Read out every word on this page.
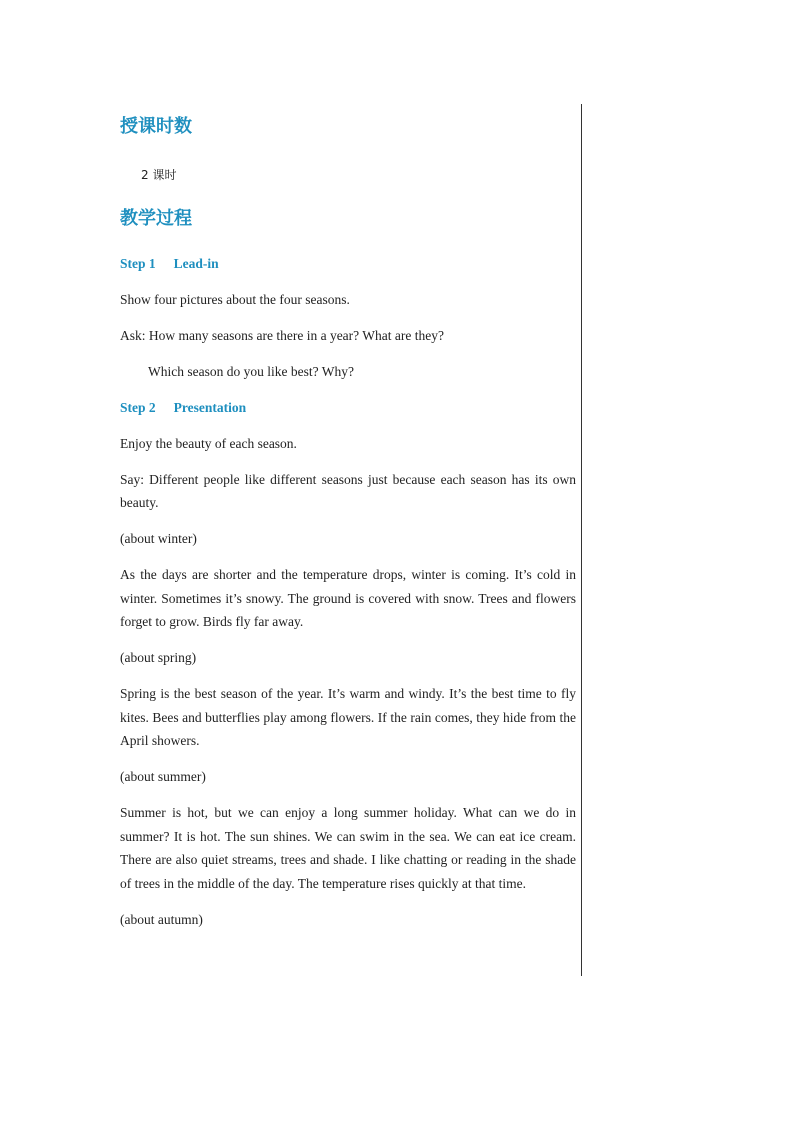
授课时数
2 课时
教学过程
Step 1 Lead-in

Show four pictures about the four seasons.

Ask: How many seasons are there in a year? What are they?

Which season do you like best? Why?

Step 2 Presentation

Enjoy the beauty of each season.

Say: Different people like different seasons just because each season has its own beauty.

(about winter)

As the days are shorter and the temperature drops, winter is coming. It’s cold in winter. Sometimes it’s snowy. The ground is covered with snow. Trees and flowers forget to grow. Birds fly far away.

(about spring)

Spring is the best season of the year. It’s warm and windy. It’s the best time to fly kites. Bees and butterflies play among flowers. If the rain comes, they hide from the April showers.

(about summer)

Summer is hot, but we can enjoy a long summer holiday. What can we do in summer? It is hot. The sun shines. We can swim in the sea. We can eat ice cream. There are also quiet streams, trees and shade. I like chatting or reading in the shade of trees in the middle of the day. The temperature rises quickly at that time.

(about autumn)
